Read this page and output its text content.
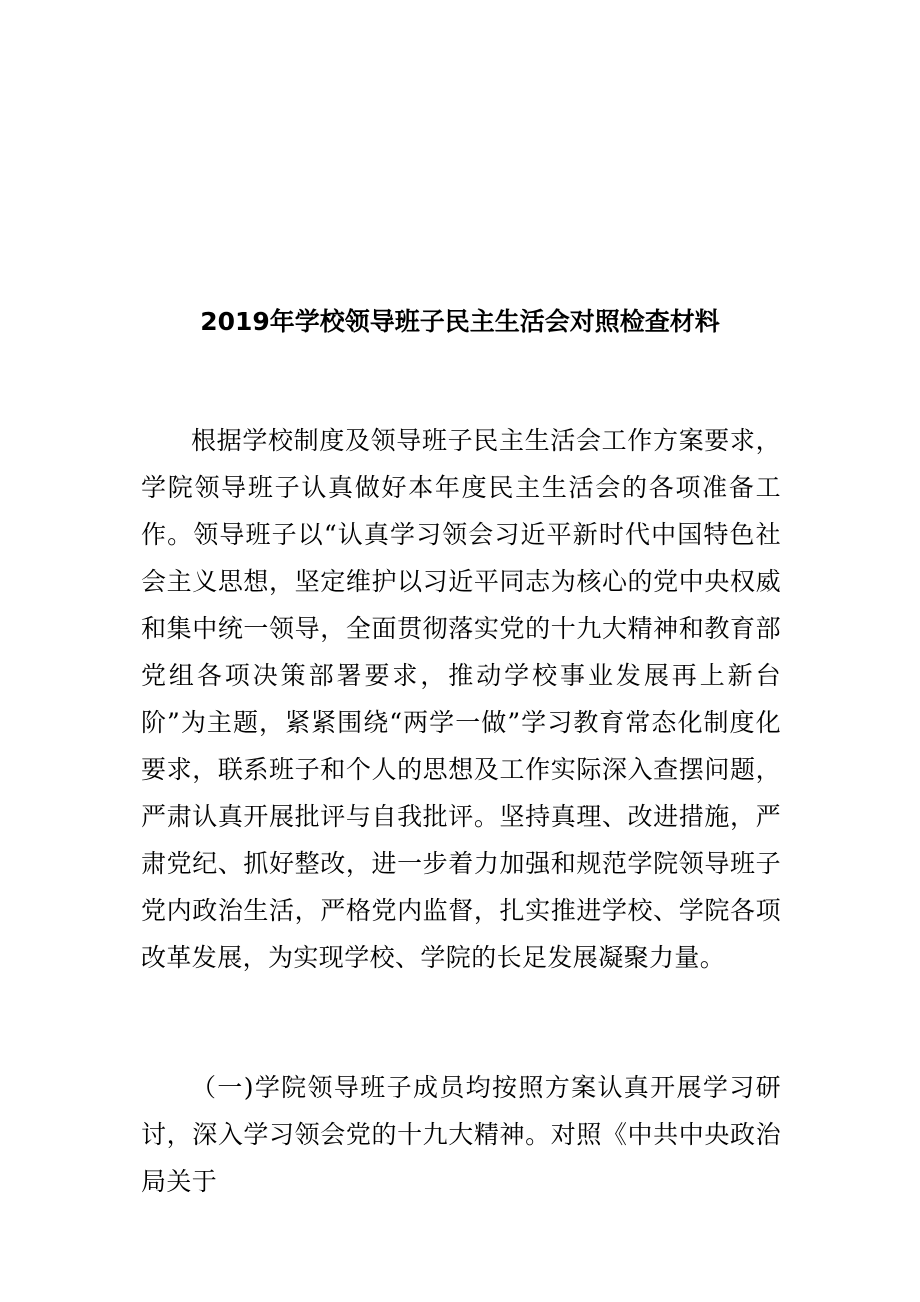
2019年学校领导班子民主生活会对照检查材料

根据学校制度及领导班子民主生活会工作方案要求，学院领导班子认真做好本年度民主生活会的各项准备工作。领导班子以“认真学习领会习近平新时代中国特色社会主义思想，坚定维护以习近平同志为核心的党中央权威和集中统一领导，全面贯彻落实党的十九大精神和教育部党组各项决策部署要求，推动学校事业发展再上新台阶”为主题，紧紧围绕“两学一做”学习教育常态化制度化要求，联系班子和个人的思想及工作实际深入查摆问题，严肃认真开展批评与自我批评。坚持真理、改进措施，严肃党纪、抓好整改，进一步着力加强和规范学院领导班子党内政治生活，严格党内监督，扎实推进学校、学院各项改革发展，为实现学校、学院的长足发展凝聚力量。

（一)学院领导班子成员均按照方案认真开展学习研讨，深入学习领会党的十九大精神。对照《中共中央政治局关于
